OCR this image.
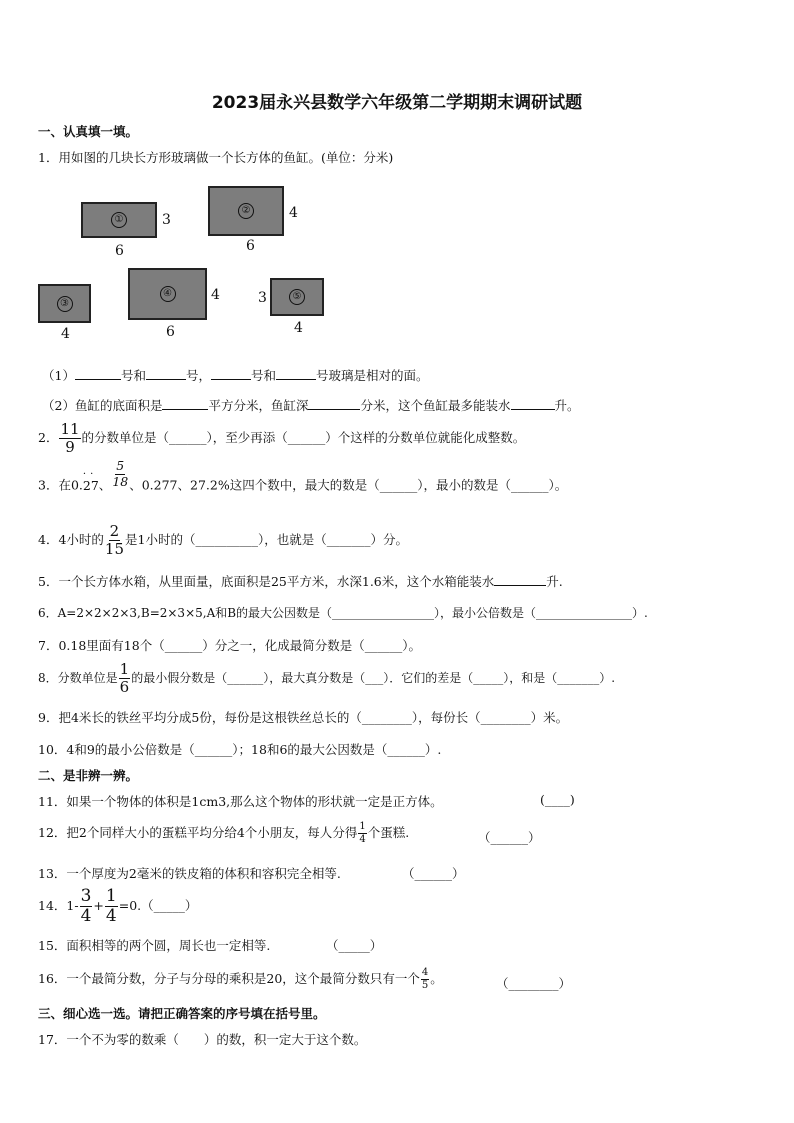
2023届永兴县数学六年级第二学期期末调研试题
一、认真填一填。
1．用如图的几块长方形玻璃做一个长方体的鱼缸。(单位：分米)
①	3
6
②	4
6
③
4
④	4
6
⑤
3
4
（1）	号和	号，	号和	号玻璃是相对的面。
（2）鱼缸的底面积是	平方分米，鱼缸深	分米，这个鱼缸最多能装水	升。
2． $\frac{11}{9}$ 的分数单位是（______），至少再添（______）个这样的分数单位就能化成整数。
3．在0.
··
27、 $\frac{5}{18}$ 、0.277、27.2%这四个数中，最大的数是（______），最小的数是（______）。
4．4小时的 $\frac{2}{15}$ 是1小时的（__________），也就是（_______）分。
5．一个长方体水箱，从里面量，底面积是25平方米，水深1.6米，这个水箱能装水	升.
6．A=2×2×2×3,B=2×3×5,A和B的最大公因数是（_________________），最小公倍数是（________________）.
7．0.18里面有18个（______）分之一，化成最简分数是（______）。
8．分数单位是 $\frac{1}{6}$ 的最小假分数是（______），最大真分数是（___）．它们的差是（_____），和是（_______）.
9．把4米长的铁丝平均分成5份，每份是这根铁丝总长的（________），每份长（________）米。
10．4和9的最小公倍数是（______）；18和6的最大公因数是（______）.
二、是非辨一辨。
11．如果一个物体的体积是1cm3,那么这个物体的形状就一定是正方体。	(____)
12．把2个同样大小的蛋糕平均分给4个小朋友，每人分得 $\frac{1}{4}$ 个蛋糕.	（______）
13．一个厚度为2毫米的铁皮箱的体积和容积完全相等.	（______）
14．$1- \frac{3}{4} + \frac{1}{4}$ =0.（_____）
15．面积相等的两个圆，周长也一定相等.	（_____）
16．一个最简分数，分子与分母的乘积是20，这个最简分数只有一个 $\frac{4}{5}$ 。	（________）
三、细心选一选。请把正确答案的序号填在括号里。
17．一个不为零的数乘（　　）的数，积一定大于这个数。
